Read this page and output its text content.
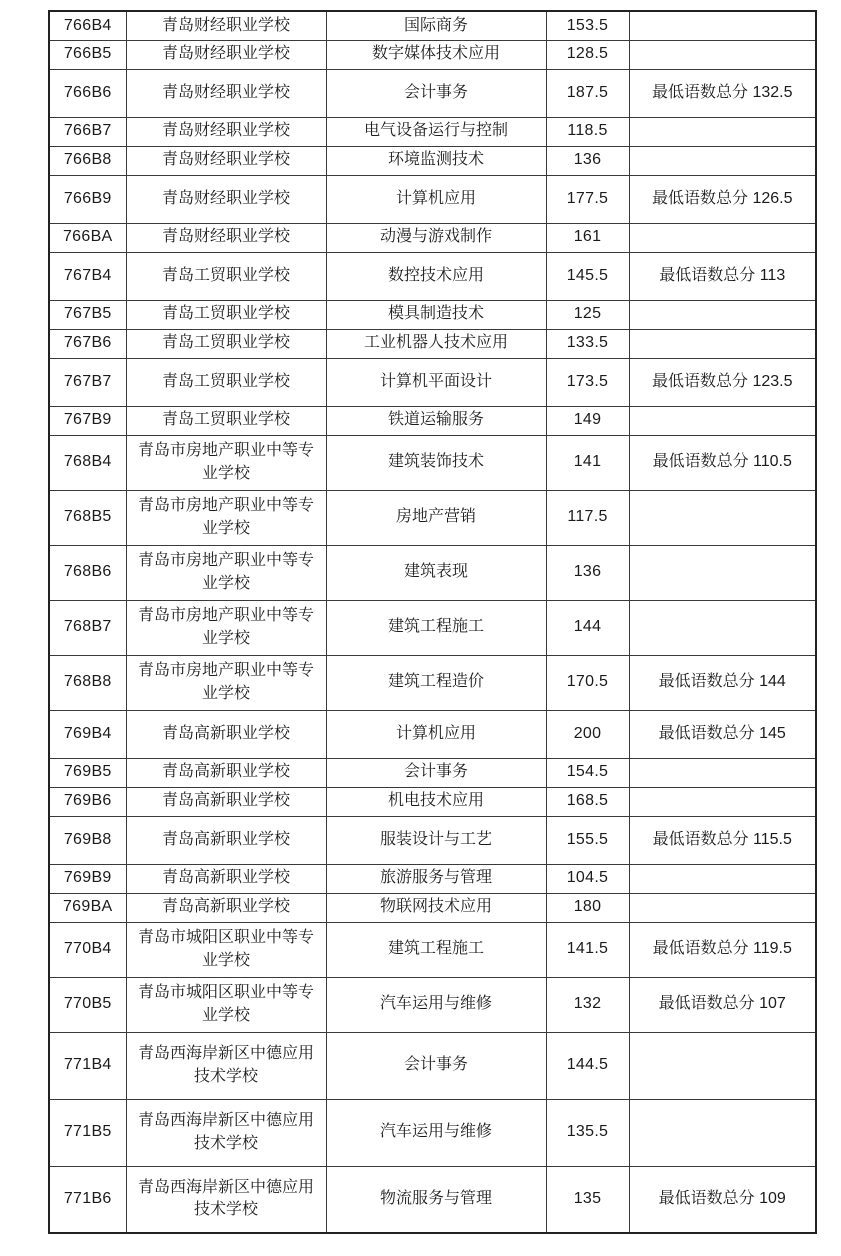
766B4	青岛财经职业学校	国际商务	153.5	
766B5	青岛财经职业学校	数字媒体技术应用	128.5	
766B6	青岛财经职业学校	会计事务	187.5	最低语数总分 132.5
766B7	青岛财经职业学校	电气设备运行与控制	118.5	
766B8	青岛财经职业学校	环境监测技术	136	
766B9	青岛财经职业学校	计算机应用	177.5	最低语数总分 126.5
766BA	青岛财经职业学校	动漫与游戏制作	161	
767B4	青岛工贸职业学校	数控技术应用	145.5	最低语数总分 113
767B5	青岛工贸职业学校	模具制造技术	125	
767B6	青岛工贸职业学校	工业机器人技术应用	133.5	
767B7	青岛工贸职业学校	计算机平面设计	173.5	最低语数总分 123.5
767B9	青岛工贸职业学校	铁道运输服务	149	
768B4	青岛市房地产职业中等专业学校	建筑装饰技术	141	最低语数总分 110.5
768B5	青岛市房地产职业中等专业学校	房地产营销	117.5	
768B6	青岛市房地产职业中等专业学校	建筑表现	136	
768B7	青岛市房地产职业中等专业学校	建筑工程施工	144	
768B8	青岛市房地产职业中等专业学校	建筑工程造价	170.5	最低语数总分 144
769B4	青岛高新职业学校	计算机应用	200	最低语数总分 145
769B5	青岛高新职业学校	会计事务	154.5	
769B6	青岛高新职业学校	机电技术应用	168.5	
769B8	青岛高新职业学校	服装设计与工艺	155.5	最低语数总分 115.5
769B9	青岛高新职业学校	旅游服务与管理	104.5	
769BA	青岛高新职业学校	物联网技术应用	180	
770B4	青岛市城阳区职业中等专业学校	建筑工程施工	141.5	最低语数总分 119.5
770B5	青岛市城阳区职业中等专业学校	汽车运用与维修	132	最低语数总分 107
771B4	青岛西海岸新区中德应用技术学校	会计事务	144.5	
771B5	青岛西海岸新区中德应用技术学校	汽车运用与维修	135.5	
771B6	青岛西海岸新区中德应用技术学校	物流服务与管理	135	最低语数总分 109
